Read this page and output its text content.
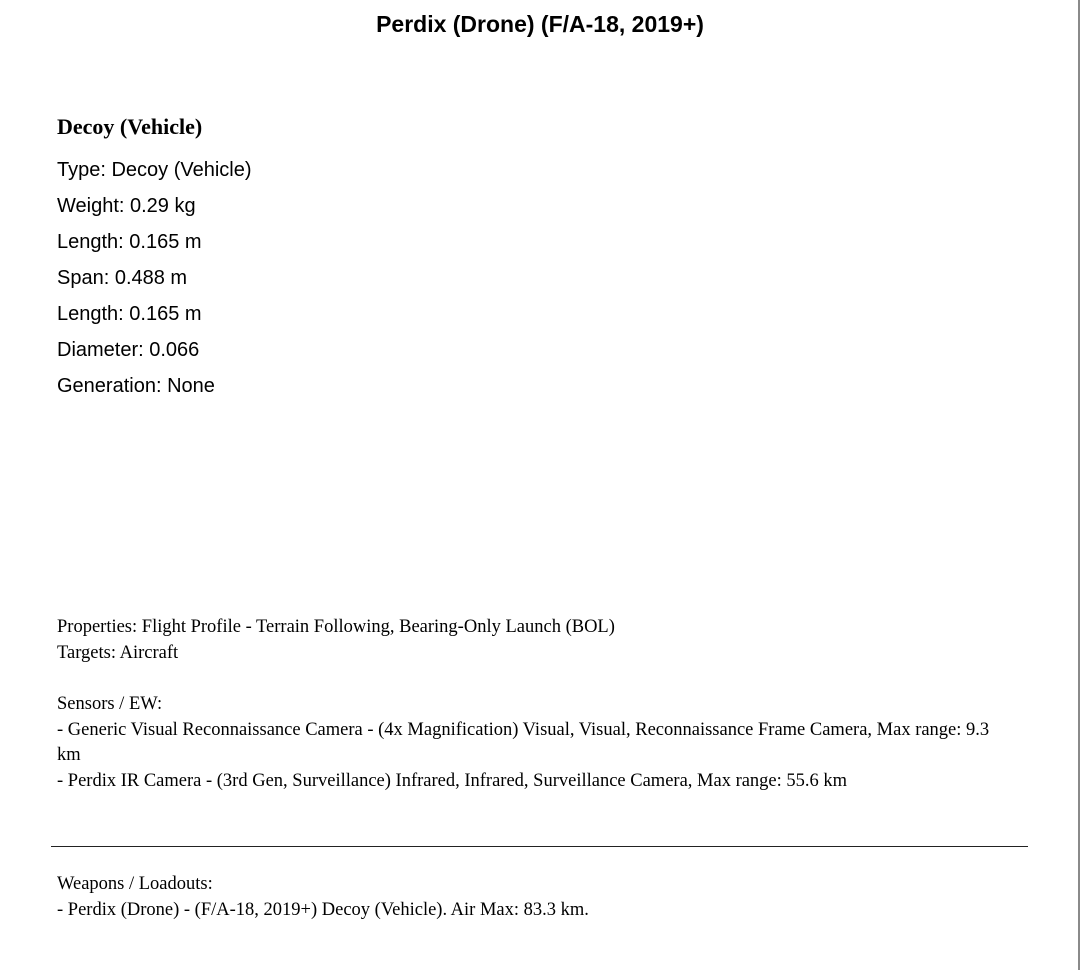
Perdix (Drone) (F/A-18, 2019+)
Decoy (Vehicle)
Type: Decoy (Vehicle)
Weight: 0.29 kg
Length: 0.165 m
Span: 0.488 m
Length: 0.165 m
Diameter: 0.066
Generation: None
Properties: Flight Profile - Terrain Following, Bearing-Only Launch (BOL)
Targets: Aircraft
Sensors / EW:
- Generic Visual Reconnaissance Camera - (4x Magnification) Visual, Visual, Reconnaissance Frame Camera, Max range: 9.3 km
- Perdix IR Camera - (3rd Gen, Surveillance) Infrared, Infrared, Surveillance Camera, Max range: 55.6 km
Weapons / Loadouts:
- Perdix (Drone) - (F/A-18, 2019+) Decoy (Vehicle). Air Max: 83.3 km.
